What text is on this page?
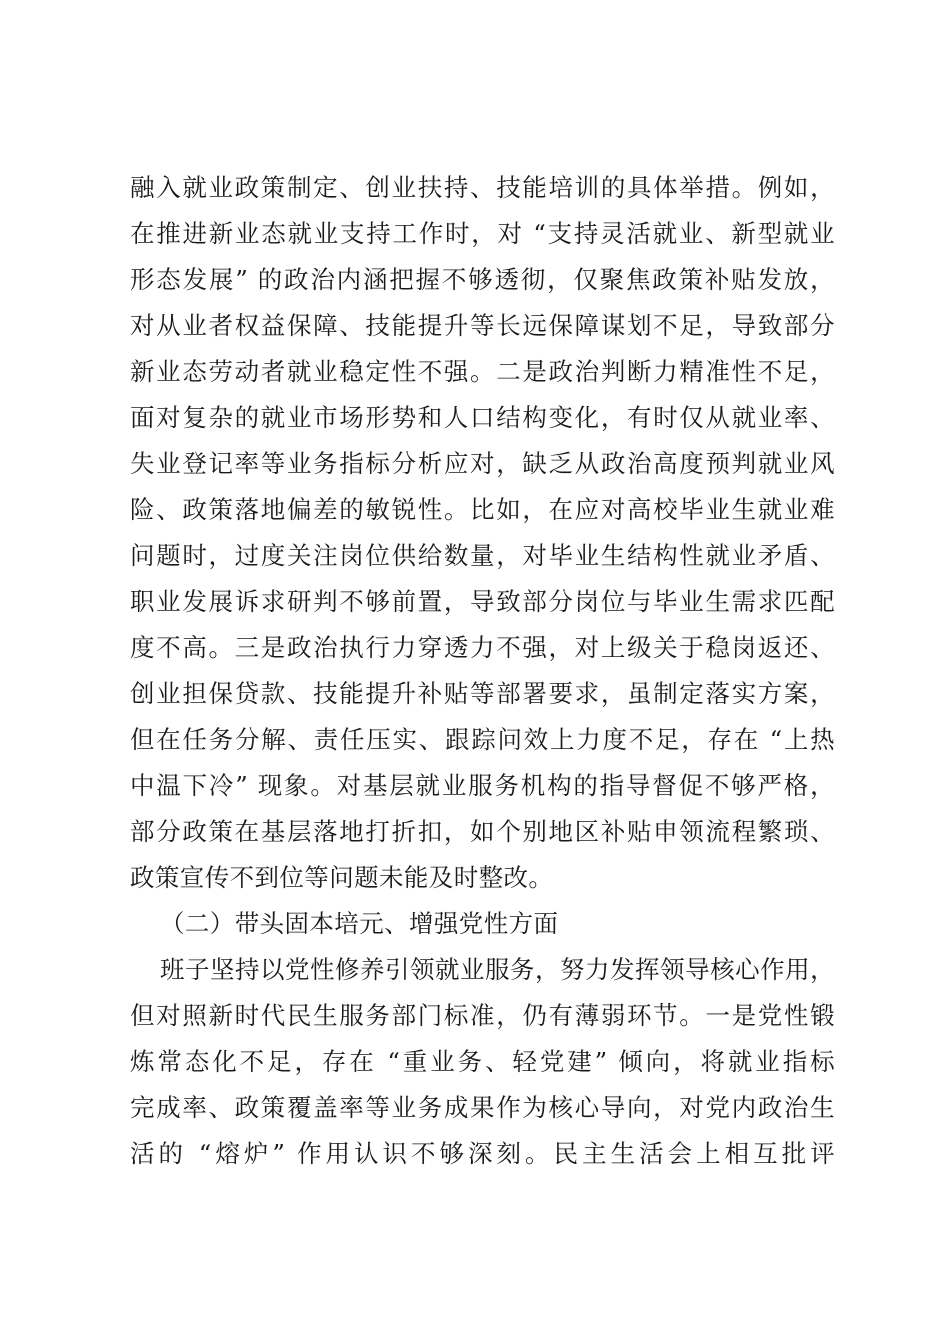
融入就业政策制定、创业扶持、技能培训的具体举措。例如，
在推进新业态就业支持工作时，对 “支持灵活就业、新型就业
形态发展” 的政治内涵把握不够透彻，仅聚焦政策补贴发放，
对从业者权益保障、技能提升等长远保障谋划不足，导致部分
新业态劳动者就业稳定性不强。二是政治判断力精准性不足，
面对复杂的就业市场形势和人口结构变化，有时仅从就业率、
失业登记率等业务指标分析应对，缺乏从政治高度预判就业风
险、政策落地偏差的敏锐性。比如，在应对高校毕业生就业难
问题时，过度关注岗位供给数量，对毕业生结构性就业矛盾、
职业发展诉求研判不够前置，导致部分岗位与毕业生需求匹配
度不高。三是政治执行力穿透力不强，对上级关于稳岗返还、
创业担保贷款、技能提升补贴等部署要求，虽制定落实方案，
但在任务分解、责任压实、跟踪问效上力度不足，存在 “上热
中温下冷” 现象。对基层就业服务机构的指导督促不够严格，
部分政策在基层落地打折扣，如个别地区补贴申领流程繁琐、
政策宣传不到位等问题未能及时整改。
（二）带头固本培元、增强党性方面
班子坚持以党性修养引领就业服务，努力发挥领导核心作用，
但对照新时代民生服务部门标准，仍有薄弱环节。一是党性锻
炼常态化不足，存在 “重业务、轻党建” 倾向，将就业指标
完成率、政策覆盖率等业务成果作为核心导向，对党内政治生
活的 “熔炉” 作用认识不够深刻。民主生活会上相互批评
